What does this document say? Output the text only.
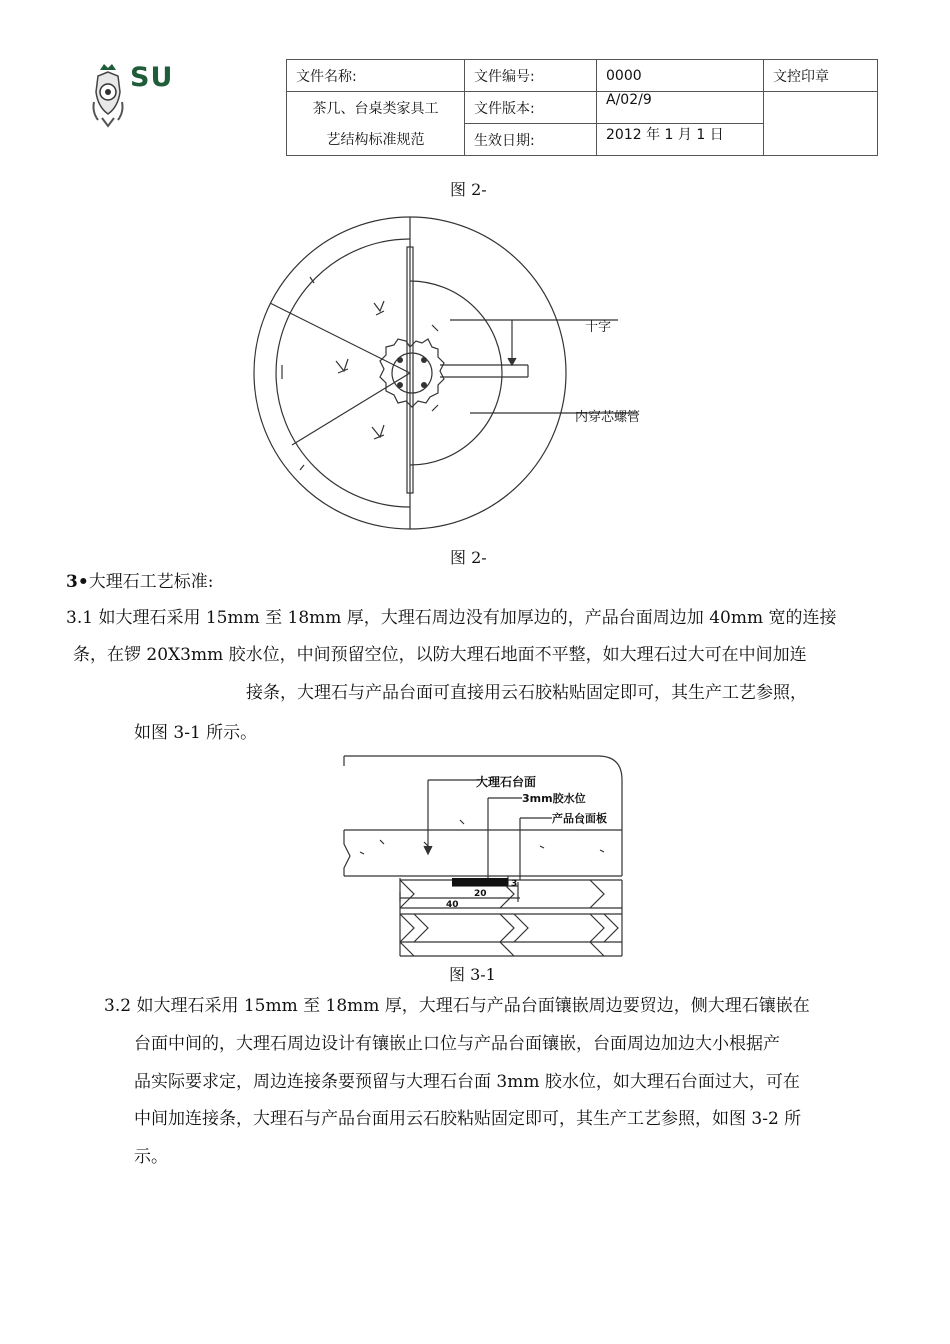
SU	文件名称:	文件编号:	0000	文控印章
茶几、台桌类家具工	文件版本:	A/02/9	
艺结构标准规范	生效日期:	2012 年 1 月 1 日	
图 2-
十字
内穿芯螺管
图 2-
3•大理石工艺标准:
3.1 如大理石采用 15mm 至 18mm 厚，大理石周边没有加厚边的，产品台面周边加 40mm 宽的连接
条，在锣 20X3mm 胶水位，中间预留空位，以防大理石地面不平整，如大理石过大可在中间加连
接条，大理石与产品台面可直接用云石胶粘贴固定即可，其生产工艺参照，
如图 3-1 所示。
大理石台面
3mm胶水位
产品台面板
20
40
3
图 3-1
3.2 如大理石采用 15mm 至 18mm 厚，大理石与产品台面镶嵌周边要贸边，侧大理石镶嵌在
台面中间的，大理石周边设计有镶嵌止口位与产品台面镶嵌，台面周边加边大小根据产
品实际要求定，周边连接条要预留与大理石台面 3mm 胶水位，如大理石台面过大，可在
中间加连接条，大理石与产品台面用云石胶粘贴固定即可，其生产工艺参照，如图 3-2 所
示。
